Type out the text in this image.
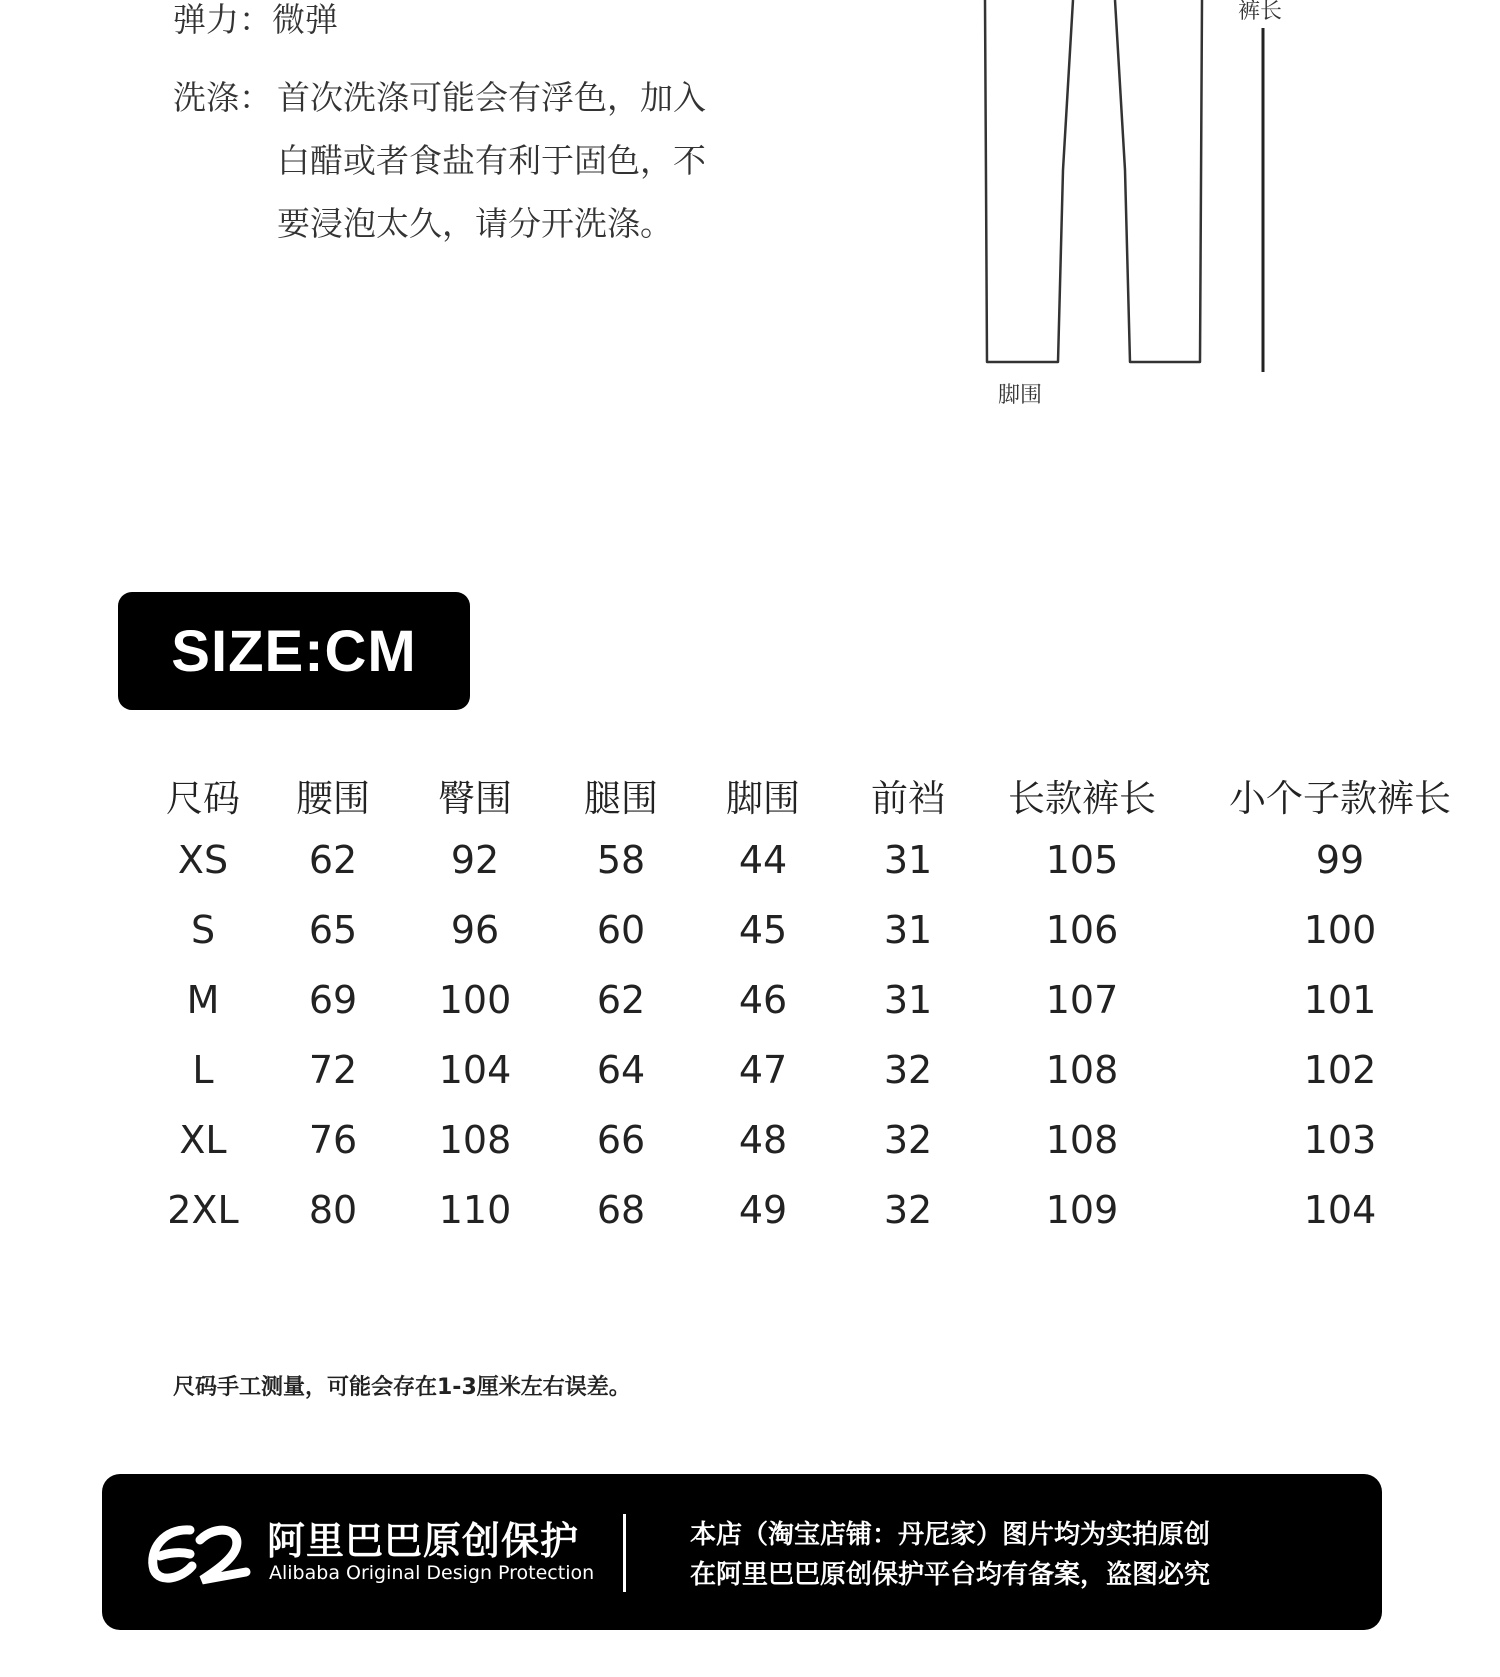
弹力：微弹
洗涤： 首次洗涤可能会有浮色，加入
白醋或者食盐有利于固色，不
要浸泡太久，请分开洗涤。
裤长
脚围
SIZE:CM
尺码 腰围 臀围 腿围 脚围 前裆 长款裤长 小个子款裤长
XS 62 92	58 44	31	105	99
S 65 96	60 45	31	106	100
M 69 100 62 46	31	107	101
L	72 104 64 47	32	108	102
XL 76 108 66 48	32	108	103
2XL 80 110 68 49	32	109	104
尺码手工测量，可能会存在1-3厘米左右误差。
阿里巴巴原创保护
Alibaba Original Design Protection
本店（淘宝店铺：丹尼家）图片均为实拍原创
在阿里巴巴原创保护平台均有备案，盗图必究
